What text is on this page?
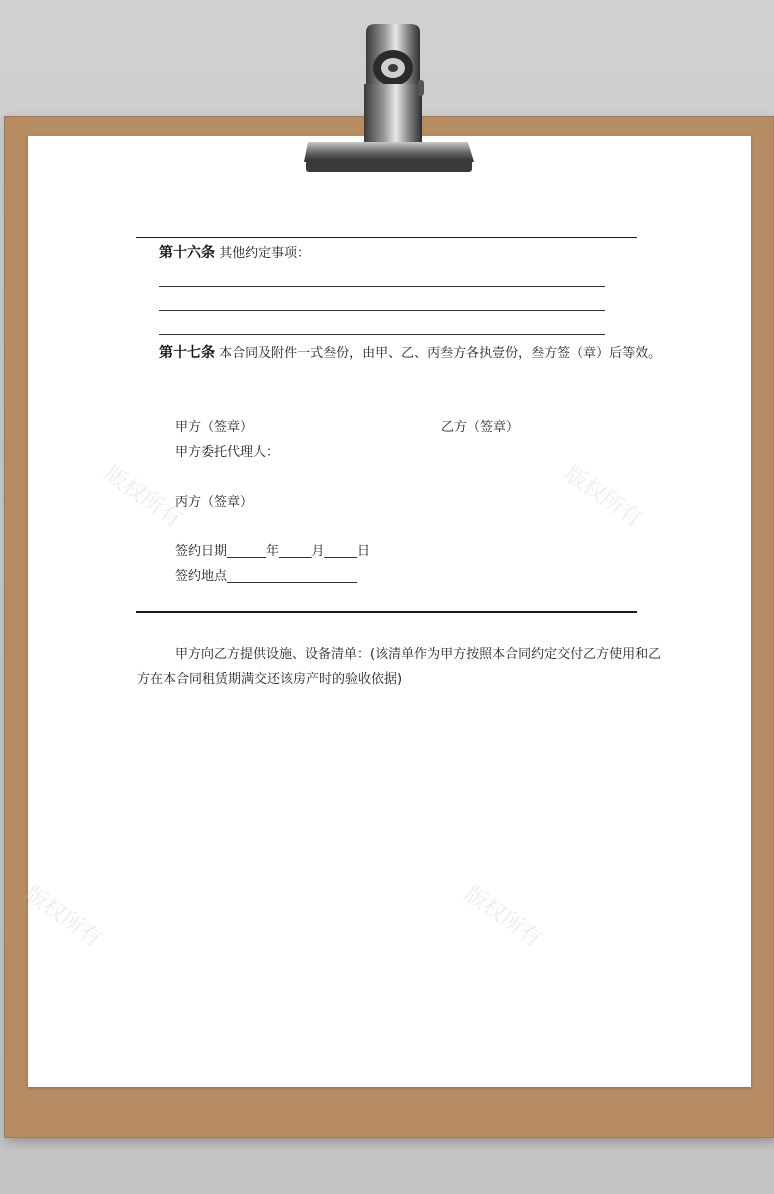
第十六条 其他约定事项：
第十七条 本合同及附件一式叁份，由甲、乙、丙叁方各执壹份，叁方签（章）后等效。
甲方（签章）	乙方（签章）
甲方委托代理人：
丙方（签章）
签约日期______年_____月_____日
签约地点____________________
甲方向乙方提供设施、设备清单：(该清单作为甲方按照本合同约定交付乙方使用和乙
方在本合同租赁期满交还该房产时的验收依据)
版权所有	版权所有
版权所有	版权所有
